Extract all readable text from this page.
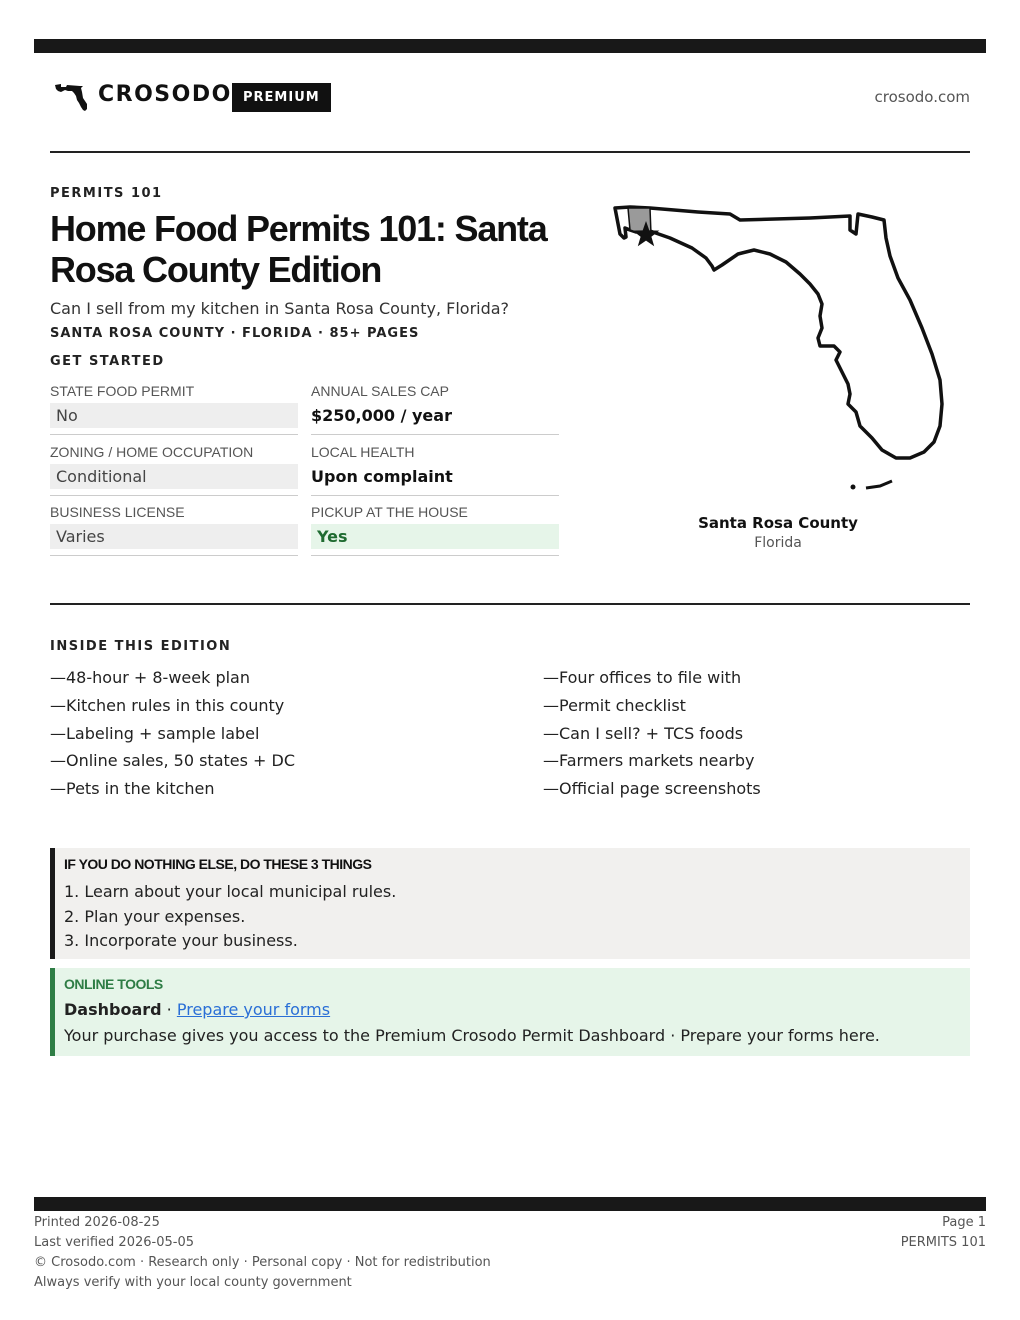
CROSODO PREMIUM	crosodo.com
PERMITS 101
Home Food Permits 101: Santa Rosa County Edition
Can I sell from my kitchen in Santa Rosa County, Florida?
SANTA ROSA COUNTY · FLORIDA · 85+ PAGES
GET STARTED
STATE FOOD PERMIT
No
ANNUAL SALES CAP
$250,000 / year
ZONING / HOME OCCUPATION
Conditional
LOCAL HEALTH
Upon complaint
BUSINESS LICENSE
Varies
PICKUP AT THE HOUSE
Yes
Santa Rosa County
Florida
INSIDE THIS EDITION
—48-hour + 8-week plan
—Kitchen rules in this county
—Labeling + sample label
—Online sales, 50 states + DC
—Pets in the kitchen
—Four offices to file with
—Permit checklist
—Can I sell? + TCS foods
—Farmers markets nearby
—Official page screenshots
IF YOU DO NOTHING ELSE, DO THESE 3 THINGS
1. Learn about your local municipal rules.
2. Plan your expenses.
3. Incorporate your business.
ONLINE TOOLS
Dashboard · Prepare your forms
Your purchase gives you access to the Premium Crosodo Permit Dashboard · Prepare your forms here.
Printed 2026-08-25
Last verified 2026-05-05
© Crosodo.com · Research only · Personal copy · Not for redistribution
Always verify with your local county government
Page 1
PERMITS 101
